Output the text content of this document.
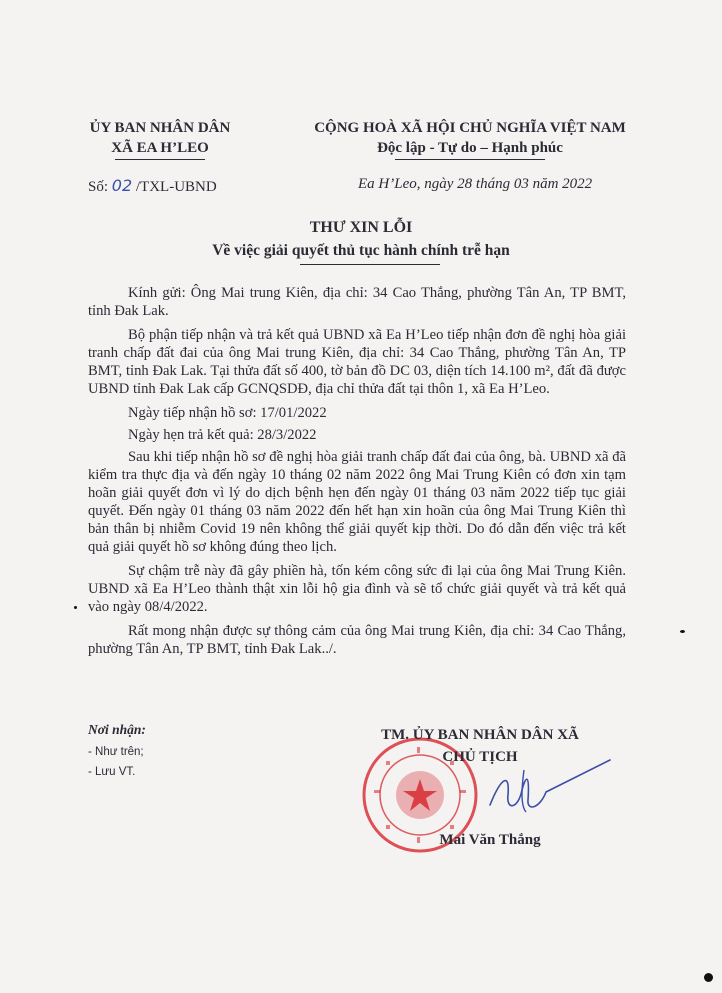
ỦY BAN NHÂN DÂN
XÃ EA H’LEO
CỘNG HOÀ XÃ HỘI CHỦ NGHĨA VIỆT NAM
Độc lập - Tự do – Hạnh phúc
Số: 02 /TXL-UBND	Ea H’Leo, ngày 28 tháng 03 năm 2022
THƯ XIN LỖI
Về việc giải quyết thủ tục hành chính trễ hạn

Kính gửi: Ông Mai trung Kiên, địa chỉ: 34 Cao Thắng, phường Tân An, TP BMT, tỉnh Đak Lak.

Bộ phận tiếp nhận và trả kết quả UBND xã Ea H’Leo tiếp nhận đơn đề nghị hòa giải tranh chấp đất đai của ông Mai trung Kiên, địa chỉ: 34 Cao Thắng, phường Tân An, TP BMT, tỉnh Đak Lak. Tại thửa đất số 400, tờ bản đồ DC 03, diện tích 14.100 m², đất đã được UBND tỉnh Đak Lak cấp GCNQSDĐ, địa chỉ thửa đất tại thôn 1, xã Ea H’Leo.

Ngày tiếp nhận hồ sơ: 17/01/2022

Ngày hẹn trả kết quả: 28/3/2022

Sau khi tiếp nhận hồ sơ đề nghị hòa giải tranh chấp đất đai của ông, bà. UBND xã đã kiểm tra thực địa và đến ngày 10 tháng 02 năm 2022 ông Mai Trung Kiên có đơn xin tạm hoãn giải quyết đơn vì lý do dịch bệnh hẹn đến ngày 01 tháng 03 năm 2022 tiếp tục giải quyết. Đến ngày 01 tháng 03 năm 2022 đến hết hạn xin hoãn của ông Mai Trung Kiên thì bản thân bị nhiễm Covid 19 nên không thể giải quyết kịp thời. Do đó dẫn đến việc trả kết quả giải quyết hồ sơ không đúng theo lịch.

Sự chậm trễ này đã gây phiền hà, tốn kém công sức đi lại của ông Mai Trung Kiên. UBND xã Ea H’Leo thành thật xin lỗi hộ gia đình và sẽ tổ chức giải quyết và trả kết quả vào ngày 08/4/2022.

Rất mong nhận được sự thông cảm của ông Mai trung Kiên, địa chỉ: 34 Cao Thắng, phường Tân An, TP BMT, tỉnh Đak Lak../.

Nơi nhận:
- Như trên;
- Lưu VT.
TM. ỦY BAN NHÂN DÂN XÃ
CHỦ TỊCH
Mai Văn Thắng
